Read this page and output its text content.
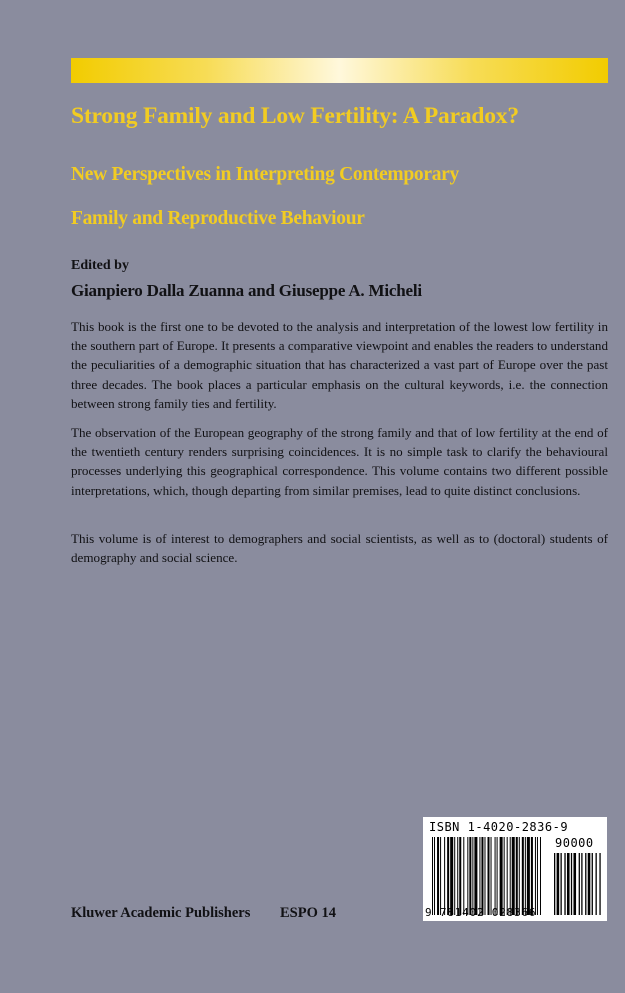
Strong Family and Low Fertility: A Paradox?
New Perspectives in Interpreting Contemporary
Family and Reproductive Behaviour
Edited by
Gianpiero Dalla Zuanna and Giuseppe A. Micheli

This book is the first one to be devoted to the analysis and interpretation of the lowest low fertility in the southern part of Europe. It presents a comparative viewpoint and enables the readers to understand the peculiarities of a demographic situation that has characterized a vast part of Europe over the past three decades. The book places a particular emphasis on the cultural keywords, i.e. the connection between strong family ties and fertility.

The observation of the European geography of the strong family and that of low fertility at the end of the twentieth century renders surprising coincidences. It is no simple task to clarify the behavioural processes underlying this geographical correspondence. This volume contains two different possible interpretations, which, though departing from similar premises, lead to quite distinct conclusions.

This volume is of interest to demographers and social scientists, as well as to (doctoral) students of demography and social science.

Kluwer Academic Publishers ESPO 14
ISBN 1-4020-2836-9
90000
9 781402 028366
